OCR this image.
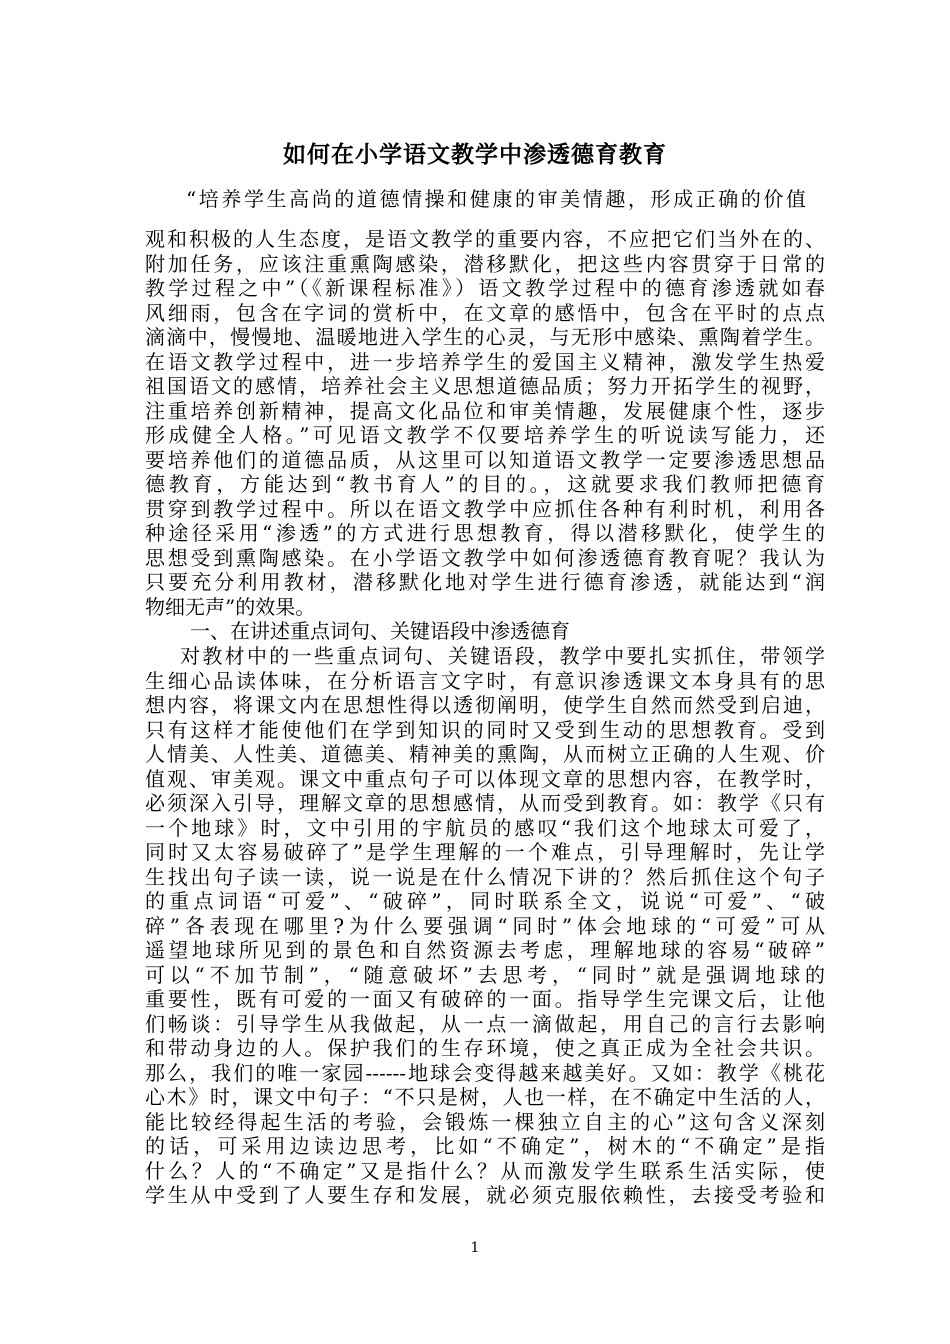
如何在小学语文教学中渗透德育教育
“培养学生高尚的道德情操和健康的审美情趣，形成正确的价值
观和积极的人生态度，是语文教学的重要内容，不应把它们当外在的、
附加任务，应该注重熏陶感染，潜移默化，把这些内容贯穿于日常的
教学过程之中”（《新课程标准》）语文教学过程中的德育渗透就如春
风细雨，包含在字词的赏析中，在文章的感悟中，包含在平时的点点
滴滴中，慢慢地、温暖地进入学生的心灵，与无形中感染、熏陶着学生。
在语文教学过程中，进一步培养学生的爱国主义精神，激发学生热爱
祖国语文的感情，培养社会主义思想道德品质；努力开拓学生的视野，
注重培养创新精神，提高文化品位和审美情趣，发展健康个性，逐步
形成健全人格。”可见语文教学不仅要培养学生的听说读写能力，还
要培养他们的道德品质，从这里可以知道语文教学一定要渗透思想品
德教育，方能达到“教书育人”的目的。，这就要求我们教师把德育
贯穿到教学过程中。所以在语文教学中应抓住各种有利时机，利用各
种途径采用“渗透”的方式进行思想教育，得以潜移默化，使学生的
思想受到熏陶感染。在小学语文教学中如何渗透德育教育呢？我认为
只要充分利用教材，潜移默化地对学生进行德育渗透，就能达到“润
物细无声”的效果。
一、在讲述重点词句、关键语段中渗透德育
对教材中的一些重点词句、关键语段，教学中要扎实抓住，带领学
生细心品读体味，在分析语言文字时，有意识渗透课文本身具有的思
想内容，将课文内在思想性得以透彻阐明，使学生自然而然受到启迪，
只有这样才能使他们在学到知识的同时又受到生动的思想教育。受到
人情美、人性美、道德美、精神美的熏陶，从而树立正确的人生观、价
值观、审美观。课文中重点句子可以体现文章的思想内容，在教学时，
必须深入引导，理解文章的思想感情，从而受到教育。如：教学《只有
一个地球》时，文中引用的宇航员的感叹“我们这个地球太可爱了，
同时又太容易破碎了”是学生理解的一个难点，引导理解时，先让学
生找出句子读一读，说一说是在什么情况下讲的？然后抓住这个句子
的重点词语“可爱”、“破碎”，同时联系全文，说说“可爱”、“破
碎”各表现在哪里?为什么要强调“同时”体会地球的“可爱”可从
遥望地球所见到的景色和自然资源去考虑，理解地球的容易“破碎”
可以“不加节制”，“随意破坏”去思考，“同时”就是强调地球的
重要性，既有可爱的一面又有破碎的一面。指导学生完课文后，让他
们畅谈：引导学生从我做起，从一点一滴做起，用自己的言行去影响
和带动身边的人。保护我们的生存环境，使之真正成为全社会共识。
那么，我们的唯一家园------地球会变得越来越美好。又如：教学《桃花
心木》时，课文中句子：“不只是树，人也一样，在不确定中生活的人，
能比较经得起生活的考验，会锻炼一棵独立自主的心”这句含义深刻
的话，可采用边读边思考，比如“不确定”，树木的“不确定”是指
什么？人的“不确定”又是指什么？从而激发学生联系生活实际，使
学生从中受到了人要生存和发展，就必须克服依赖性，去接受考验和
1
